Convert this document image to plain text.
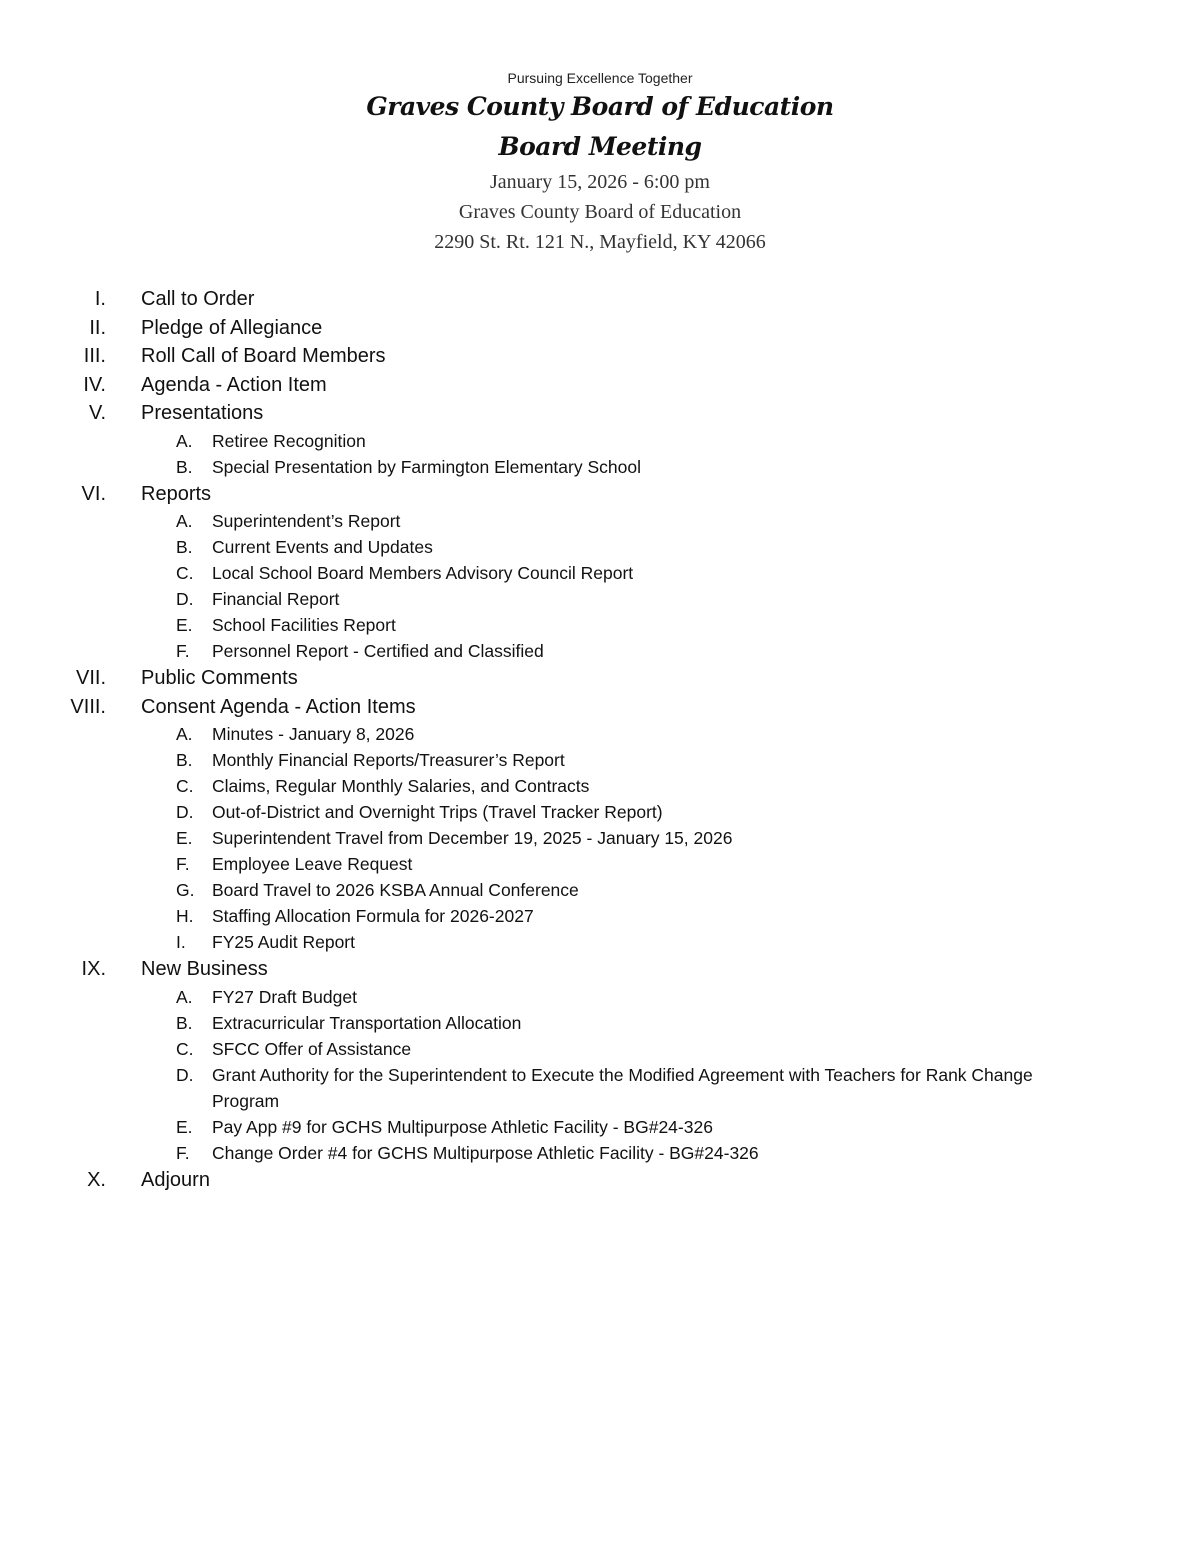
Pursuing Excellence Together
Graves County Board of Education
Board Meeting
January 15, 2026 - 6:00 pm
Graves County Board of Education
2290 St. Rt. 121 N., Mayfield, KY 42066
I. Call to Order
II. Pledge of Allegiance
III. Roll Call of Board Members
IV. Agenda - Action Item
V. Presentations
A. Retiree Recognition
B. Special Presentation by Farmington Elementary School
VI. Reports
A. Superintendent’s Report
B. Current Events and Updates
C. Local School Board Members Advisory Council Report
D. Financial Report
E. School Facilities Report
F. Personnel Report - Certified and Classified
VII. Public Comments
VIII. Consent Agenda - Action Items
A. Minutes - January 8, 2026
B. Monthly Financial Reports/Treasurer’s Report
C. Claims, Regular Monthly Salaries, and Contracts
D. Out-of-District and Overnight Trips (Travel Tracker Report)
E. Superintendent Travel from December 19, 2025 - January 15, 2026
F. Employee Leave Request
G. Board Travel to 2026 KSBA Annual Conference
H. Staffing Allocation Formula for 2026-2027
I. FY25 Audit Report
IX. New Business
A. FY27 Draft Budget
B. Extracurricular Transportation Allocation
C. SFCC Offer of Assistance
D. Grant Authority for the Superintendent to Execute the Modified Agreement with Teachers for Rank Change Program
E. Pay App #9 for GCHS Multipurpose Athletic Facility - BG#24-326
F. Change Order #4 for GCHS Multipurpose Athletic Facility - BG#24-326
X. Adjourn
